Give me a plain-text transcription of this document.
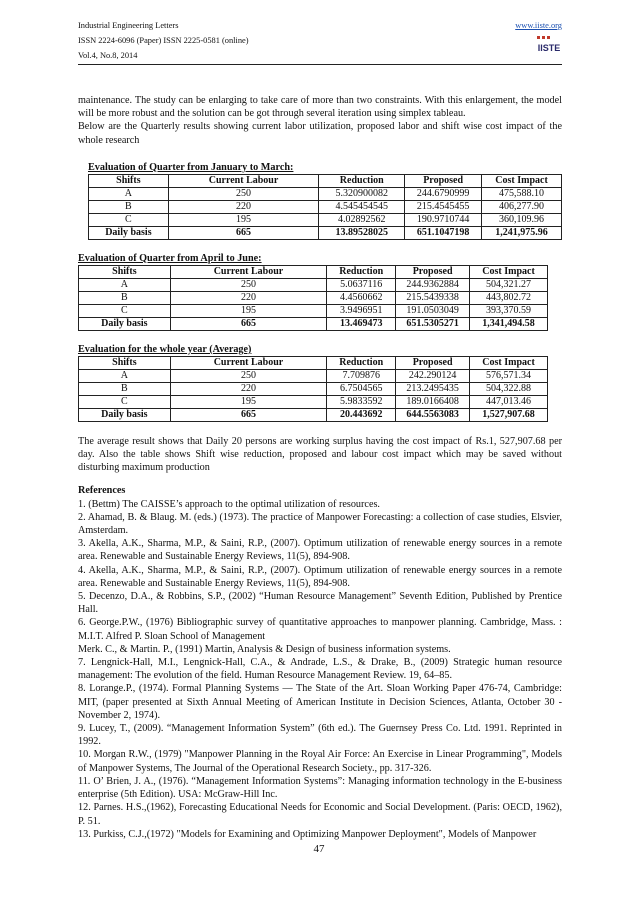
Industrial Engineering Letters
ISSN 2224-6096 (Paper) ISSN 2225-0581 (online)
Vol.4, No.8, 2014
www.iiste.org
IISTE

maintenance. The study can be enlarging to take care of more than two constraints. With this enlargement, the model will be more robust and the solution can be got through several iteration using simplex tableau.

Below are the Quarterly results showing current labor utilization, proposed labor and shift wise cost impact of the whole research

Evaluation of Quarter from January to March:
Shifts	Current Labour	Reduction	Proposed	Cost Impact
A	250	5.320900082	244.6790999	475,588.10
B	220	4.545454545	215.4545455	406,277.90
C	195	4.02892562	190.9710744	360,109.96
Daily basis	665	13.89528025	651.1047198	1,241,975.96
Evaluation of Quarter from April to June:
Shifts	Current Labour	Reduction	Proposed	Cost Impact
A	250	5.0637116	244.9362884	504,321.27
B	220	4.4560662	215.5439338	443,802.72
C	195	3.9496951	191.0503049	393,370.59
Daily basis	665	13.469473	651.5305271	1,341,494.58
Evaluation for the whole year (Average)
Shifts	Current Labour	Reduction	Proposed	Cost Impact
A	250	7.709876	242.290124	576,571.34
B	220	6.7504565	213.2495435	504,322.88
C	195	5.9833592	189.0166408	447,013.46
Daily basis	665	20.443692	644.5563083	1,527,907.68

The average result shows that Daily 20 persons are working surplus having the cost impact of Rs.1, 527,907.68 per day. Also the table shows Shift wise reduction, proposed and labour cost impact which may be saved without disturbing maximum production

References

1. (Bettm) The CAISSE’s approach to the optimal utilization of resources.

2. Ahamad, B. & Blaug. M. (eds.) (1973). The practice of Manpower Forecasting: a collection of case studies, Elsvier, Amsterdam.

3. Akella, A.K., Sharma, M.P., & Saini, R.P., (2007). Optimum utilization of renewable energy sources in a remote area. Renewable and Sustainable Energy Reviews, 11(5), 894-908.

4. Akella, A.K., Sharma, M.P., & Saini, R.P., (2007). Optimum utilization of renewable energy sources in a remote area. Renewable and Sustainable Energy Reviews, 11(5), 894-908.

5. Decenzo, D.A., & Robbins, S.P., (2002) “Human Resource Management” Seventh Edition, Published by Prentice Hall.

6. George.P.W., (1976) Bibliographic survey of quantitative approaches to manpower planning. Cambridge, Mass. : M.I.T. Alfred P. Sloan School of Management

Merk. C., & Martin. P., (1991) Martin, Analysis & Design of business information systems.

7. Lengnick-Hall, M.I., Lengnick-Hall, C.A., & Andrade, L.S., & Drake, B., (2009) Strategic human resource management: The evolution of the field. Human Resource Management Review. 19, 64–85.

8. Lorange.P., (1974). Formal Planning Systems — The State of the Art. Sloan Working Paper 476-74, Cambridge: MIT, (paper presented at Sixth Annual Meeting of American Institute in Decision Sciences, Atlanta, October 30 - November 2, 1974).

9. Lucey, T., (2009). “Management Information System” (6th ed.). The Guernsey Press Co. Ltd. 1991. Reprinted in 1992.

10. Morgan R.W., (1979) "Manpower Planning in the Royal Air Force: An Exercise in Linear Programming", Models of Manpower Systems, The Journal of the Operational Research Society., pp. 317-326.

11. O’ Brien, J. A., (1976). “Management Information Systems”: Managing information technology in the E-business enterprise (5th Edition). USA: McGraw-Hill Inc.

12. Parnes. H.S.,(1962), Forecasting Educational Needs for Economic and Social Development. (Paris: OECD, 1962), P. 51.

13. Purkiss, C.J.,(1972) "Models for Examining and Optimizing Manpower Deployment", Models of Manpower

47
